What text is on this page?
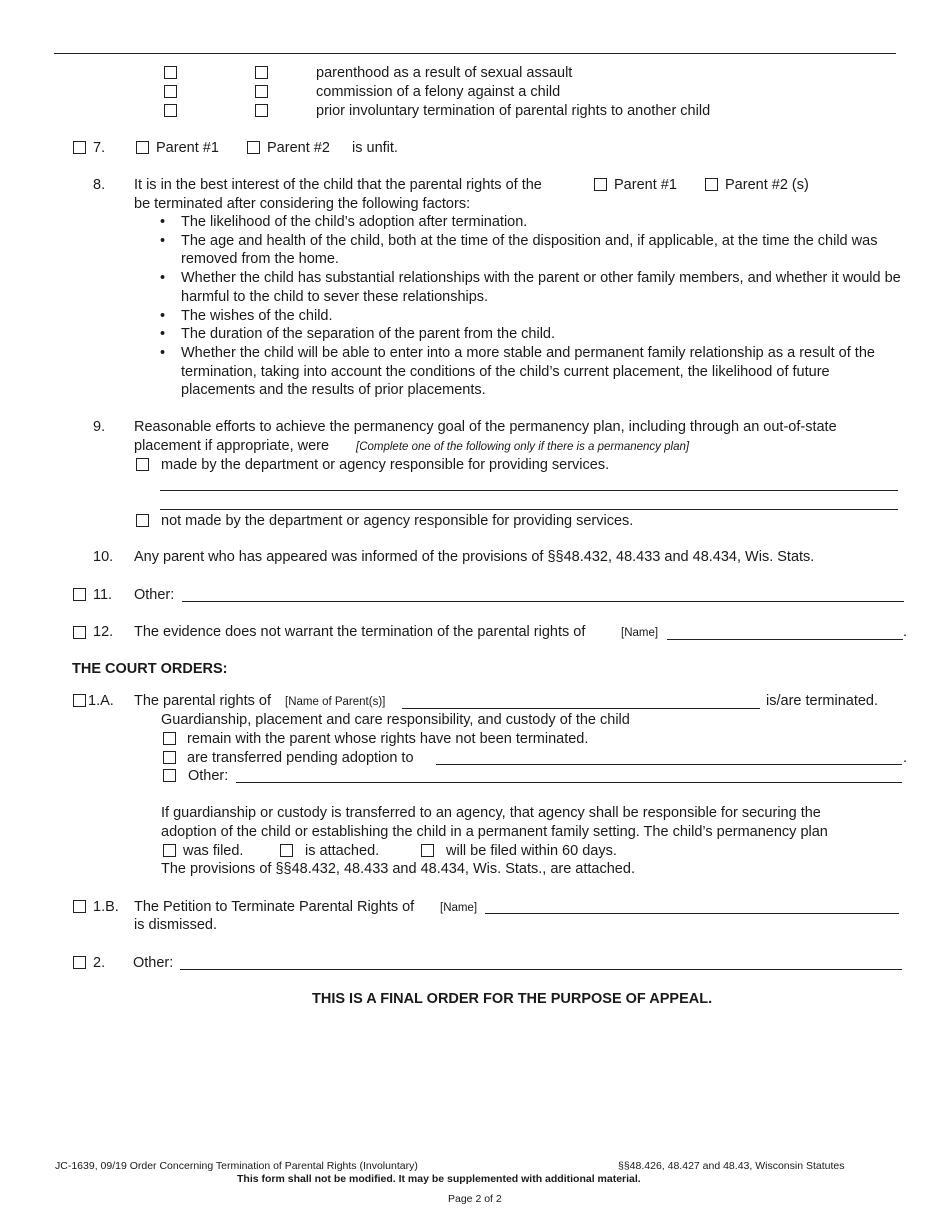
parenthood as a result of sexual assault
commission of a felony against a child
prior involuntary termination of parental rights to another child
7.	Parent #1	Parent #2 is unfit.
8. It is in the best interest of the child that the parental rights of the	Parent #1	Parent #2 (s)
be terminated after considering the following factors:
• The likelihood of the child’s adoption after termination.
• The age and health of the child, both at the time of the disposition and, if applicable, at the time the child was removed from the home.
• Whether the child has substantial relationships with the parent or other family members, and whether it would be harmful to the child to sever these relationships.
• The wishes of the child.
• The duration of the separation of the parent from the child.
• Whether the child will be able to enter into a more stable and permanent family relationship as a result of the termination, taking into account the conditions of the child’s current placement, the likelihood of future placements and the results of prior placements.
9. Reasonable efforts to achieve the permanency goal of the permanency plan, including through an out-of-state
placement if appropriate, were [Complete one of the following only if there is a permanency plan]
made by the department or agency responsible for providing services.
not made by the department or agency responsible for providing services.
10. Any parent who has appeared was informed of the provisions of §§48.432, 48.433 and 48.434, Wis. Stats.
11. Other:
12. The evidence does not warrant the termination of the parental rights of	[Name]	.
THE COURT ORDERS:
1.A. The parental rights of [Name of Parent(s)]	is/are terminated.
Guardianship, placement and care responsibility, and custody of the child
remain with the parent whose rights have not been terminated.
are transferred pending adoption to	.
Other:
If guardianship or custody is transferred to an agency, that agency shall be responsible for securing the
adoption of the child or establishing the child in a permanent family setting. The child’s permanency plan
was filed.	is attached.	will be filed within 60 days.
The provisions of §§48.432, 48.433 and 48.434, Wis. Stats., are attached.
1.B. The Petition to Terminate Parental Rights of [Name]
is dismissed.
2. Other:
THIS IS A FINAL ORDER FOR THE PURPOSE OF APPEAL.
JC-1639, 09/19 Order Concerning Termination of Parental Rights (Involuntary)	§§48.426, 48.427 and 48.43, Wisconsin Statutes
This form shall not be modified. It may be supplemented with additional material.
Page 2 of 2
